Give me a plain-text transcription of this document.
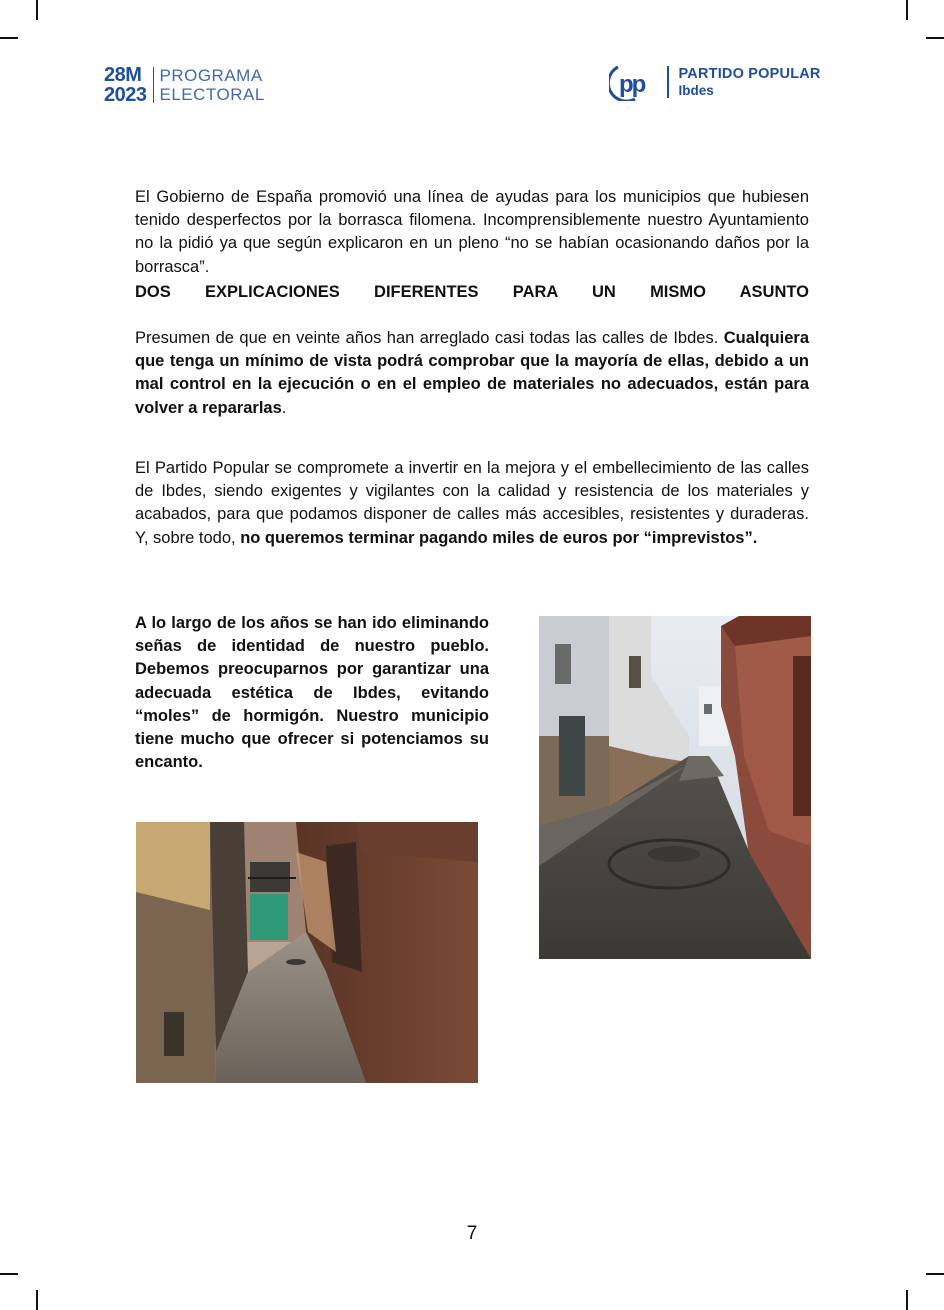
28M
2023
PROGRAMA
ELECTORAL	pp PARTIDO POPULAR
Ibdes
El Gobierno de España promovió una línea de ayudas para los municipios que hubiesen tenido desperfectos por la borrasca filomena. Incomprensiblemente nuestro Ayuntamiento no la pidió ya que según explicaron en un pleno “no se habían ocasionando daños por la borrasca”.
DOS EXPLICACIONES DIFERENTES PARA UN MISMO ASUNTO
Presumen de que en veinte años han arreglado casi todas las calles de Ibdes. Cualquiera que tenga un mínimo de vista podrá comprobar que la mayoría de ellas, debido a un mal control en la ejecución o en el empleo de materiales no adecuados, están para volver a repararlas.
El Partido Popular se compromete a invertir en la mejora y el embellecimiento de las calles de Ibdes, siendo exigentes y vigilantes con la calidad y resistencia de los materiales y acabados, para que podamos disponer de calles más accesibles, resistentes y duraderas. Y, sobre todo, no queremos terminar pagando miles de euros por “imprevistos”.
A lo largo de los años se han ido eliminando señas de identidad de nuestro pueblo. Debemos preocuparnos por garantizar una adecuada estética de Ibdes, evitando “moles” de hormigón. Nuestro municipio tiene mucho que ofrecer si potenciamos su encanto.
7
